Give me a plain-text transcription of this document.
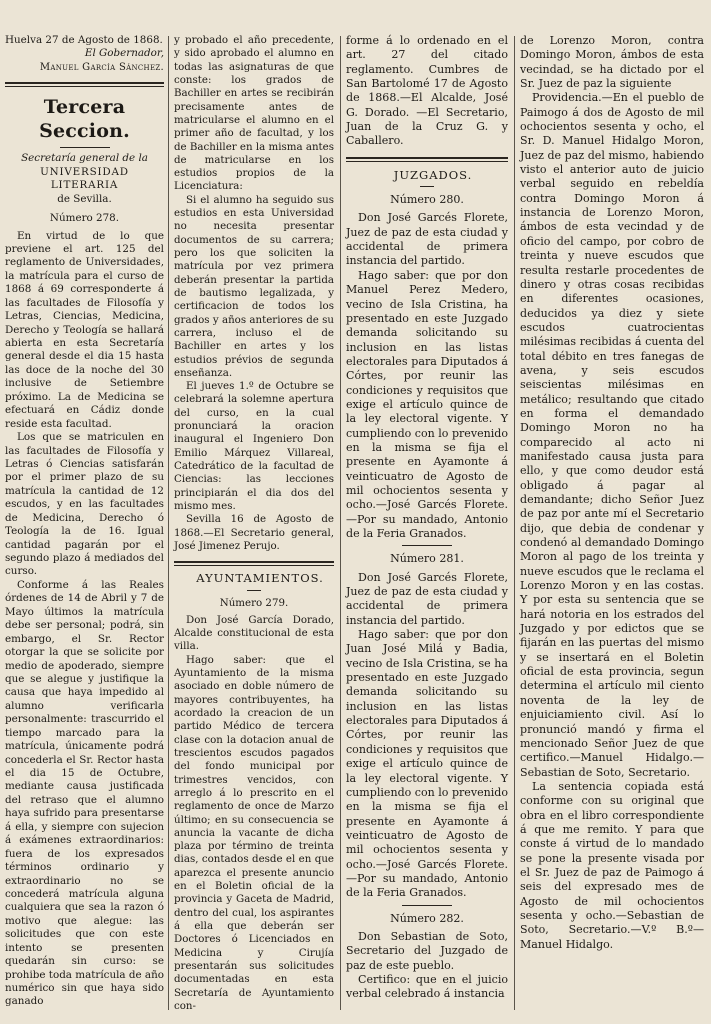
Huelva 27 de Agosto de 1868.

El Gobernador,

Manuel García Sánchez.

Tercera Seccion.

Secretaría general de la

UNIVERSIDAD LITERARIA

de Sevilla.

Número 278.

En virtud de lo que previene el art. 125 del reglamento de Universidades, la matrícula para el curso de 1868 á 69 corresponderte á las facultades de Filosofía y Letras, Ciencias, Medicina, Derecho y Teología se hallará abierta en esta Secretaría general desde el dia 15 hasta las doce de la noche del 30 inclusive de Setiembre próximo. La de Medicina se efectuará en Cádiz donde reside esta facultad.

Los que se matriculen en las facultades de Filosofía y Letras ó Ciencias satisfarán por el primer plazo de su matrícula la cantidad de 12 escudos, y en las facultades de Medicina, Derecho ó Teología la de 16. Igual cantidad pagarán por el segundo plazo á mediados del curso.

Conforme á las Reales órdenes de 14 de Abril y 7 de Mayo últimos la matrícula debe ser personal; podrá, sin embargo, el Sr. Rector otorgar la que se solicite por medio de apoderado, siempre que se alegue y justifique la causa que haya impedido al alumno verificarla personalmente: trascurrido el tiempo marcado para la matrícula, únicamente podrá concederla el Sr. Rector hasta el dia 15 de Octubre, mediante causa justificada del retraso que el alumno haya sufrido para presentarse á ella, y siempre con sujecion á exámenes extraordinarios: fuera de los expresados términos ordinario y extraordinario no se concederá matrícula alguna cualquiera que sea la razon ó motivo que alegue: las solicitudes que con este intento se presenten quedarán sin curso: se prohibe toda matrícula de año numérico sin que haya sido ganado

y probado el año precedente, y sido aprobado el alumno en todas las asignaturas de que conste: los grados de Bachiller en artes se recibirán precisamente antes de matricularse el alumno en el primer año de facultad, y los de Bachiller en la misma antes de matricularse en los estudios propios de la Licenciatura:

Si el alumno ha seguido sus estudios en esta Universidad no necesita presentar documentos de su carrera; pero los que soliciten la matrícula por vez primera deberán presentar la partida de bautismo legalizada, y certificacion de todos los grados y años anteriores de su carrera, incluso el de Bachiller en artes y los estudios prévios de segunda enseñanza.

El jueves 1.º de Octubre se celebrará la solemne apertura del curso, en la cual pronunciará la oracion inaugural el Ingeniero Don Emilio Márquez Villareal, Catedrático de la facultad de Ciencias: las lecciones principiarán el dia dos del mismo mes.

Sevilla 16 de Agosto de 1868.—El Secretario general, José Jimenez Perujo.

AYUNTAMIENTOS.

Número 279.

Don José García Dorado, Alcalde constitucional de esta villa.

Hago saber: que el Ayuntamiento de la misma asociado en doble número de mayores contribuyentes, ha acordado la creacion de un partido Médico de tercera clase con la dotacion anual de trescientos escudos pagados del fondo municipal por trimestres vencidos, con arreglo á lo prescrito en el reglamento de once de Marzo último; en su consecuencia se anuncia la vacante de dicha plaza por término de treinta dias, contados desde el en que aparezca el presente anuncio en el Boletin oficial de la provincia y Gaceta de Madrid, dentro del cual, los aspirantes á ella que deberán ser Doctores ó Licenciados en Medicina y Cirujía presentarán sus solicitudes documentadas en esta Secretaría de Ayuntamiento con-

forme á lo ordenado en el art. 27 del citado reglamento. Cumbres de San Bartolomé 17 de Agosto de 1868.—El Alcalde, José G. Dorado. —El Secretario, Juan de la Cruz G. y Caballero.

JUZGADOS.

Número 280.

Don José Garcés Florete, Juez de paz de esta ciudad y accidental de primera instancia del partido.

Hago saber: que por don Manuel Perez Medero, vecino de Isla Cristina, ha presentado en este Juzgado demanda solicitando su inclusion en las listas electorales para Diputados á Córtes, por reunir las condiciones y requisitos que exige el artículo quince de la ley electoral vigente. Y cumpliendo con lo prevenido en la misma se fija el presente en Ayamonte á veinticuatro de Agosto de mil ochocientos sesenta y ocho.—José Garcés Florete.—Por su mandado, Antonio de la Feria Granados.

Número 281.

Don José Garcés Florete, Juez de paz de esta ciudad y accidental de primera instancia del partido.

Hago saber: que por don Juan José Milá y Badia, vecino de Isla Cristina, se ha presentado en este Juzgado demanda solicitando su inclusion en las listas electorales para Diputados á Córtes, por reunir las condiciones y requisitos que exige el artículo quince de la ley electoral vigente. Y cumpliendo con lo prevenido en la misma se fija el presente en Ayamonte á veinticuatro de Agosto de mil ochocientos sesenta y ocho.—José Garcés Florete.—Por su mandado, Antonio de la Feria Granados.

Número 282.

Don Sebastian de Soto, Secretario del Juzgado de paz de este pueblo.

Certifico: que en el juicio verbal celebrado á instancia

de Lorenzo Moron, contra Domingo Moron, ámbos de esta vecindad, se ha dictado por el Sr. Juez de paz la siguiente

Providencia.—En el pueblo de Paimogo á dos de Agosto de mil ochocientos sesenta y ocho, el Sr. D. Manuel Hidalgo Moron, Juez de paz del mismo, habiendo visto el anterior auto de juicio verbal seguido en rebeldía contra Domingo Moron á instancia de Lorenzo Moron, ámbos de esta vecindad y de oficio del campo, por cobro de treinta y nueve escudos que resulta restarle procedentes de dinero y otras cosas recibidas en diferentes ocasiones, deducidos ya diez y siete escudos cuatrocientas milésimas recibidas á cuenta del total débito en tres fanegas de avena, y seis escudos seiscientas milésimas en metálico; resultando que citado en forma el demandado Domingo Moron no ha comparecido al acto ni manifestado causa justa para ello, y que como deudor está obligado á pagar al demandante; dicho Señor Juez de paz por ante mí el Secretario dijo, que debia de condenar y condenó al demandado Domingo Moron al pago de los treinta y nueve escudos que le reclama el Lorenzo Moron y en las costas. Y por esta su sentencia que se hará notoria en los estrados del Juzgado y por edictos que se fijarán en las puertas del mismo y se insertará en el Boletin oficial de esta provincia, segun determina el artículo mil ciento noventa de la ley de enjuiciamiento civil. Así lo pronunció mandó y firma el mencionado Señor Juez de que certifico.—Manuel Hidalgo.—Sebastian de Soto, Secretario.

La sentencia copiada está conforme con su original que obra en el libro correspondiente á que me remito. Y para que conste á virtud de lo mandado se pone la presente visada por el Sr. Juez de paz de Paimogo á seis del expresado mes de Agosto de mil ochocientos sesenta y ocho.—Sebastian de Soto, Secretario.—V.º B.º—Manuel Hidalgo.
